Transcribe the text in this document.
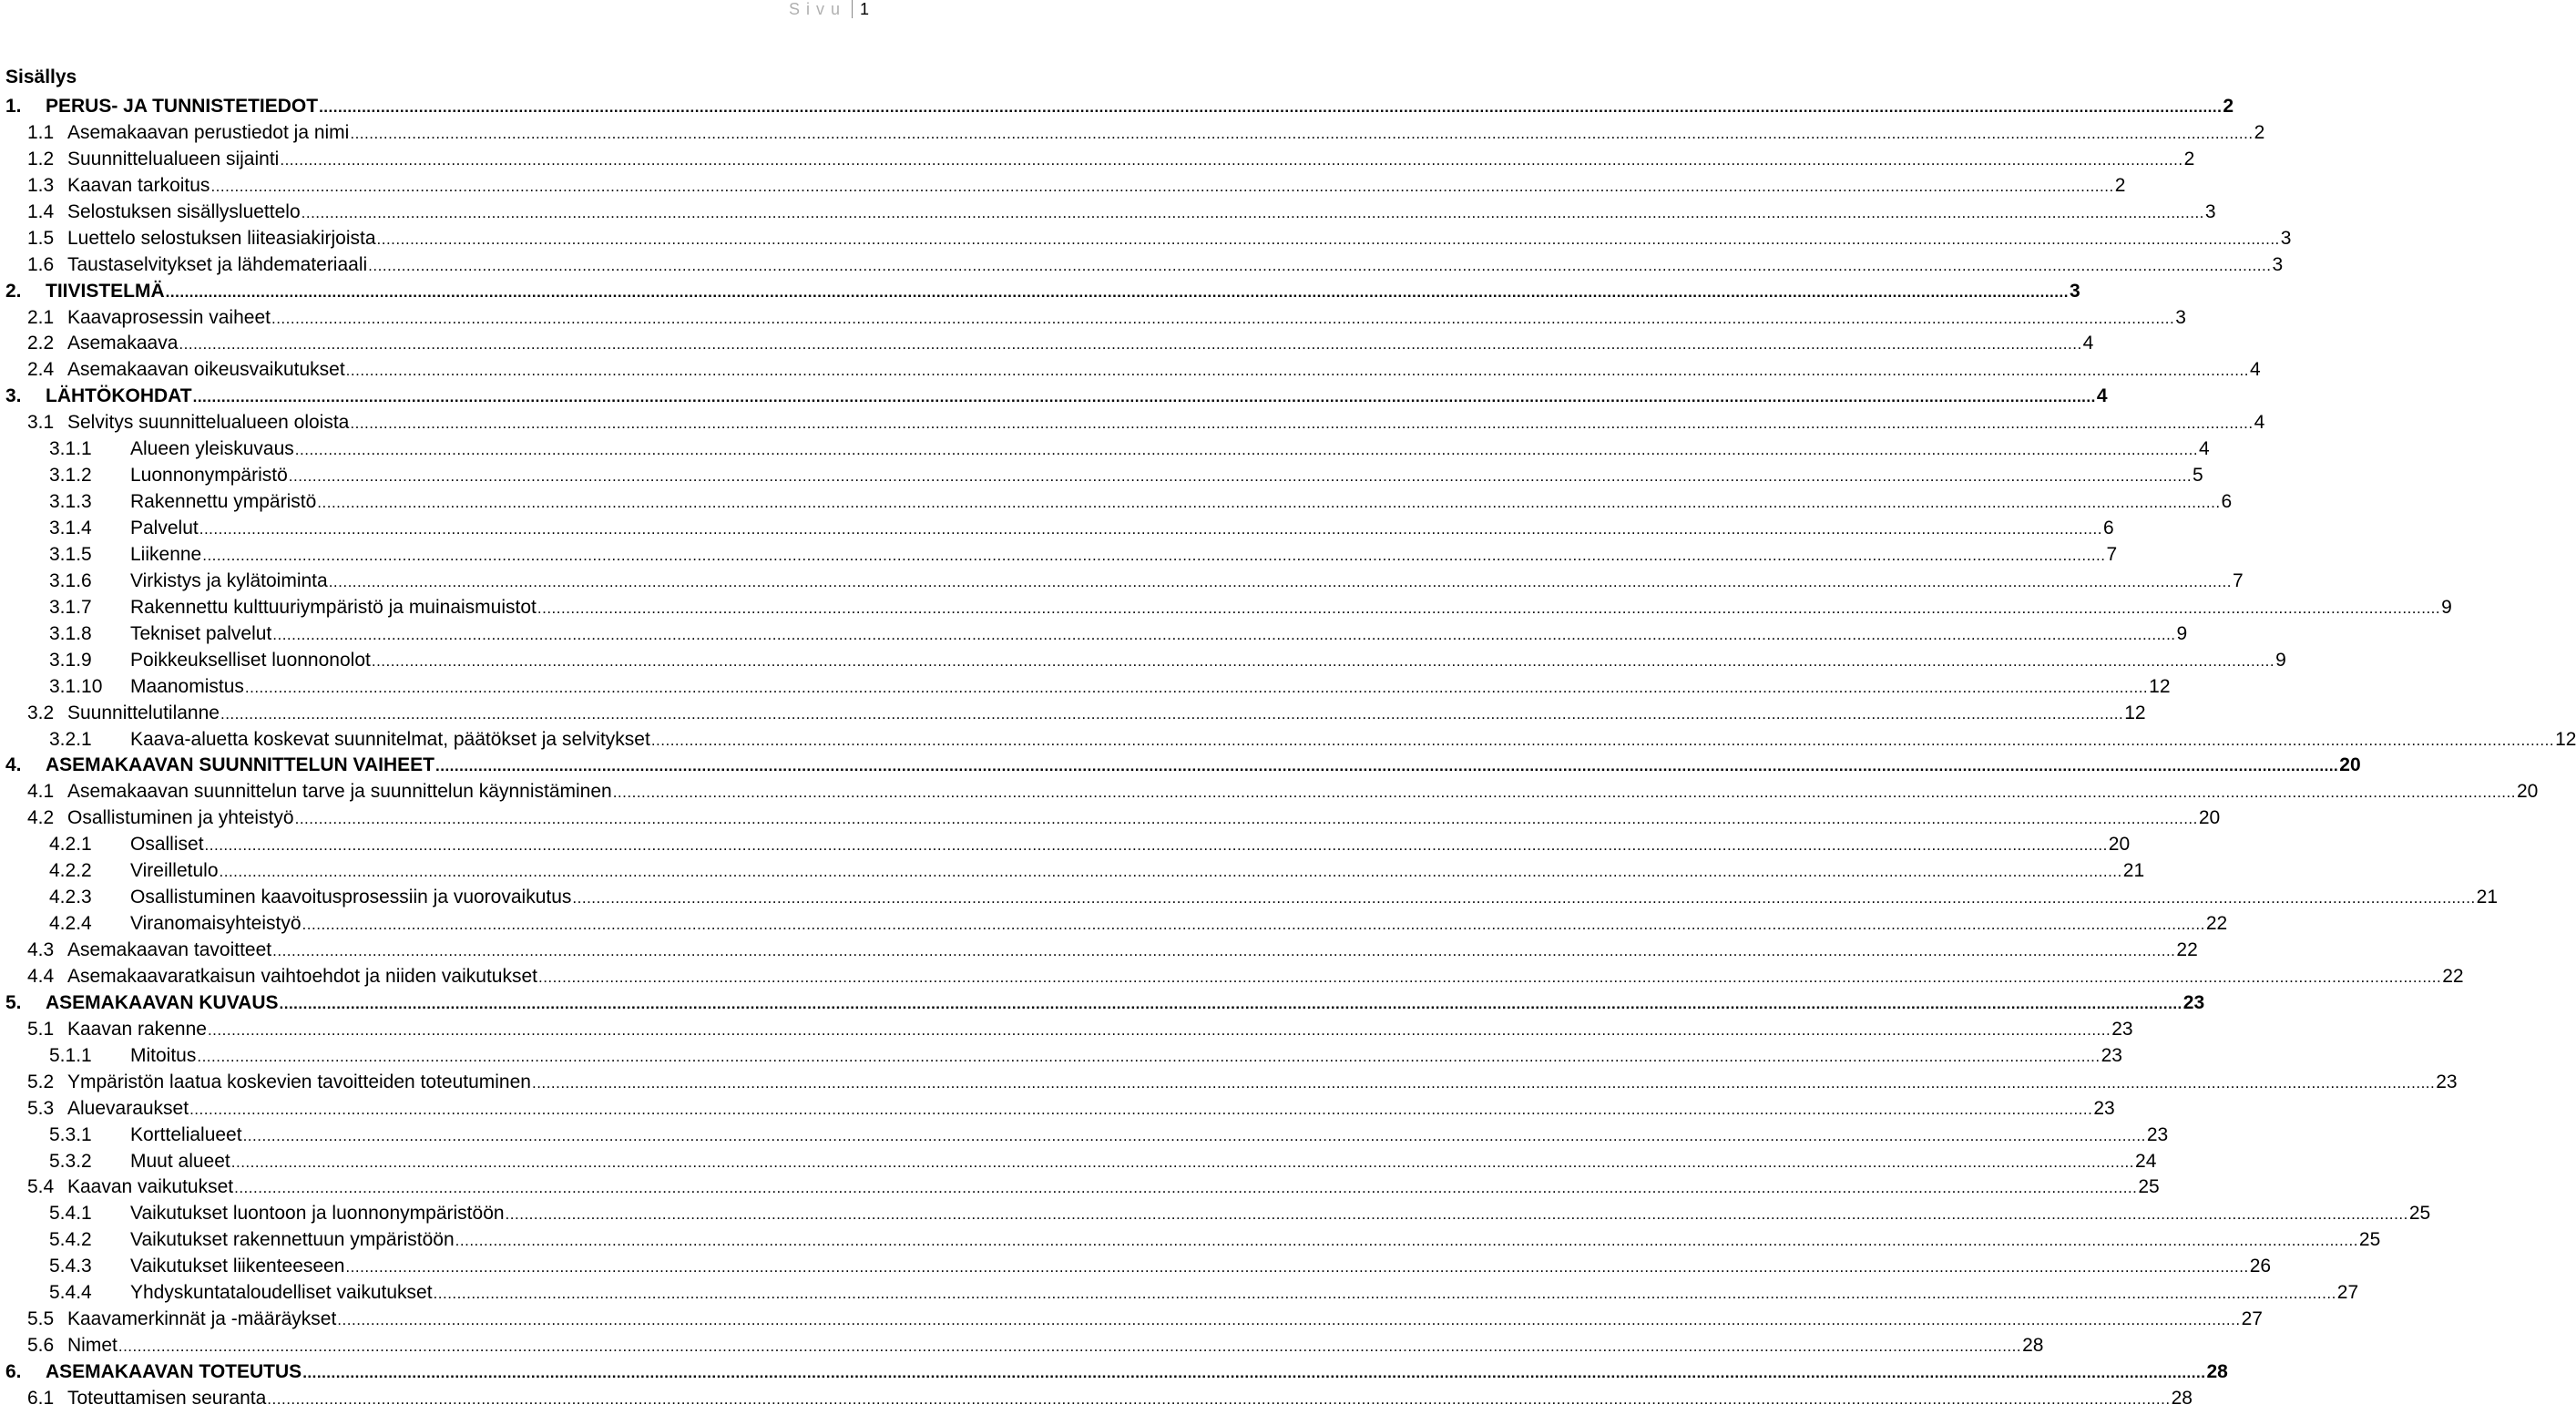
Sivu 1
Sisällys
1.	PERUS- JA TUNNISTETIEDOT ................................................................................................................................................................................................................................................................................................................................................................................................................ 2
1.1 Asemakaavan perustiedot ja nimi ................................................................................................................................................................................................................................................................................................................................................................................................................ 2
1.2 Suunnittelualueen sijainti ................................................................................................................................................................................................................................................................................................................................................................................................................ 2
1.3 Kaavan tarkoitus ................................................................................................................................................................................................................................................................................................................................................................................................................ 2
1.4 Selostuksen sisällysluettelo ................................................................................................................................................................................................................................................................................................................................................................................................................ 3
1.5 Luettelo selostuksen liiteasiakirjoista ................................................................................................................................................................................................................................................................................................................................................................................................................ 3
1.6 Taustaselvitykset ja lähdemateriaali ................................................................................................................................................................................................................................................................................................................................................................................................................ 3
2.	TIIVISTELMÄ ................................................................................................................................................................................................................................................................................................................................................................................................................ 3
2.1 Kaavaprosessin vaiheet ................................................................................................................................................................................................................................................................................................................................................................................................................ 3
2.2 Asemakaava ................................................................................................................................................................................................................................................................................................................................................................................................................ 4
2.4 Asemakaavan oikeusvaikutukset ................................................................................................................................................................................................................................................................................................................................................................................................................ 4
3.	LÄHTÖKOHDAT ................................................................................................................................................................................................................................................................................................................................................................................................................ 4
3.1 Selvitys suunnittelualueen oloista ................................................................................................................................................................................................................................................................................................................................................................................................................ 4
3.1.1	Alueen yleiskuvaus ................................................................................................................................................................................................................................................................................................................................................................................................................ 4
3.1.2	Luonnonympäristö ................................................................................................................................................................................................................................................................................................................................................................................................................ 5
3.1.3	Rakennettu ympäristö ................................................................................................................................................................................................................................................................................................................................................................................................................ 6
3.1.4	Palvelut ................................................................................................................................................................................................................................................................................................................................................................................................................ 6
3.1.5	Liikenne ................................................................................................................................................................................................................................................................................................................................................................................................................ 7
3.1.6	Virkistys ja kylätoiminta ................................................................................................................................................................................................................................................................................................................................................................................................................ 7
3.1.7	Rakennettu kulttuuriympäristö ja muinaismuistot ................................................................................................................................................................................................................................................................................................................................................................................................................ 9
3.1.8	Tekniset palvelut ................................................................................................................................................................................................................................................................................................................................................................................................................ 9
3.1.9	Poikkeukselliset luonnonolot ................................................................................................................................................................................................................................................................................................................................................................................................................ 9
3.1.10	Maanomistus ................................................................................................................................................................................................................................................................................................................................................................................................................ 12
3.2 Suunnittelutilanne ................................................................................................................................................................................................................................................................................................................................................................................................................ 12
3.2.1	Kaava-aluetta koskevat suunnitelmat, päätökset ja selvitykset ................................................................................................................................................................................................................................................................................................................................................................................................................ 12
4.	ASEMAKAAVAN SUUNNITTELUN VAIHEET ................................................................................................................................................................................................................................................................................................................................................................................................................ 20
4.1 Asemakaavan suunnittelun tarve ja suunnittelun käynnistäminen ................................................................................................................................................................................................................................................................................................................................................................................................................ 20
4.2 Osallistuminen ja yhteistyö ................................................................................................................................................................................................................................................................................................................................................................................................................ 20
4.2.1	Osalliset ................................................................................................................................................................................................................................................................................................................................................................................................................ 20
4.2.2	Vireilletulo ................................................................................................................................................................................................................................................................................................................................................................................................................ 21
4.2.3	Osallistuminen kaavoitusprosessiin ja vuorovaikutus ................................................................................................................................................................................................................................................................................................................................................................................................................ 21
4.2.4	Viranomaisyhteistyö ................................................................................................................................................................................................................................................................................................................................................................................................................ 22
4.3 Asemakaavan tavoitteet ................................................................................................................................................................................................................................................................................................................................................................................................................ 22
4.4 Asemakaavaratkaisun vaihtoehdot ja niiden vaikutukset ................................................................................................................................................................................................................................................................................................................................................................................................................ 22
5.	ASEMAKAAVAN KUVAUS ................................................................................................................................................................................................................................................................................................................................................................................................................ 23
5.1 Kaavan rakenne ................................................................................................................................................................................................................................................................................................................................................................................................................ 23
5.1.1	Mitoitus ................................................................................................................................................................................................................................................................................................................................................................................................................ 23
5.2 Ympäristön laatua koskevien tavoitteiden toteutuminen ................................................................................................................................................................................................................................................................................................................................................................................................................ 23
5.3 Aluevaraukset ................................................................................................................................................................................................................................................................................................................................................................................................................ 23
5.3.1	Korttelialueet ................................................................................................................................................................................................................................................................................................................................................................................................................ 23
5.3.2	Muut alueet ................................................................................................................................................................................................................................................................................................................................................................................................................ 24
5.4 Kaavan vaikutukset ................................................................................................................................................................................................................................................................................................................................................................................................................ 25
5.4.1	Vaikutukset luontoon ja luonnonympäristöön ................................................................................................................................................................................................................................................................................................................................................................................................................ 25
5.4.2	Vaikutukset rakennettuun ympäristöön ................................................................................................................................................................................................................................................................................................................................................................................................................ 25
5.4.3	Vaikutukset liikenteeseen ................................................................................................................................................................................................................................................................................................................................................................................................................ 26
5.4.4	Yhdyskuntataloudelliset vaikutukset ................................................................................................................................................................................................................................................................................................................................................................................................................ 27
5.5 Kaavamerkinnät ja -määräykset ................................................................................................................................................................................................................................................................................................................................................................................................................ 27
5.6 Nimet ................................................................................................................................................................................................................................................................................................................................................................................................................ 28
6.	ASEMAKAAVAN TOTEUTUS ................................................................................................................................................................................................................................................................................................................................................................................................................ 28
6.1 Toteuttamisen seuranta ................................................................................................................................................................................................................................................................................................................................................................................................................ 28
